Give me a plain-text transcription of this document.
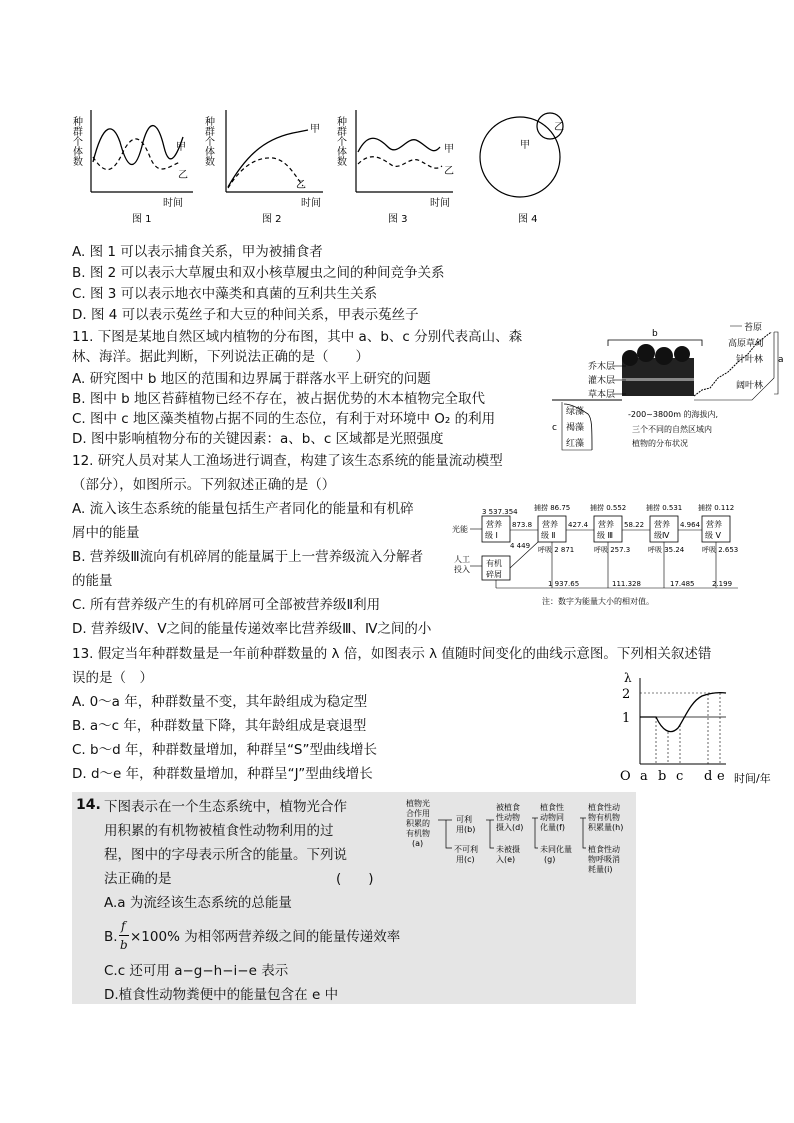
种群个体数	甲
乙
时间
图 1
种群个体数	甲
乙
时间
图 2
种群个体数	甲
乙
时间
图 3
甲
乙
图 4
A. 图 1 可以表示捕食关系，甲为被捕食者
B. 图 2 可以表示大草履虫和双小核草履虫之间的种间竞争关系
C. 图 3 可以表示地衣中藻类和真菌的互利共生关系
D. 图 4 可以表示菟丝子和大豆的种间关系，甲表示菟丝子
11. 下图是某地自然区域内植物的分布图，其中 a、b、c 分别代表高山、森
林、海洋。据此判断，下列说法正确的是（　　）
A. 研究图中 b 地区的范围和边界属于群落水平上研究的问题
B. 图中 b 地区苔藓植物已经不存在，被占据优势的木本植物完全取代
C. 图中 c 地区藻类植物占据不同的生态位，有利于对环境中 O₂ 的利用
D. 图中影响植物分布的关键因素：a、b、c 区域都是光照强度
b
乔木层
灌木层
草本层
苔原
高原草甸
针叶林
阔叶林
a
绿藻
褐藻
红藻
c
-200~3800m 的海拔内,
三个不同的自然区域内
植物的分布状况
12. 研究人员对某人工渔场进行调查，构建了该生态系统的能量流动模型
（部分），如图所示。下列叙述正确的是（）
A. 流入该生态系统的能量包括生产者同化的能量和有机碎
屑中的能量
B. 营养级Ⅲ流向有机碎屑的能量属于上一营养级流入分解者
的能量
C. 所有营养级产生的有机碎屑可全部被营养级Ⅱ利用
D. 营养级Ⅳ、Ⅴ之间的能量传递效率比营养级Ⅲ、Ⅳ之间的小
光能
3 537.354
营养
级 Ⅰ
873.8
4 449
捕捞 86.75
营养
级 Ⅱ
呼吸 2 871
427.4
捕捞 0.552
营养
级 Ⅲ
呼吸 257.3
58.22
捕捞 0.531
营养
级Ⅳ
呼吸 35.24
4.964
捕捞 0.112
营养
级 Ⅴ
呼吸 2.653
人工
投入
有机
碎屑
1 937.65	111.328	17.485	2.199
注：数字为能量大小的相对值。
13. 假定当年种群数量是一年前种群数量的 λ 倍，如图表示 λ 值随时间变化的曲线示意图。下列相关叙述错
误的是（　）
A. 0～a 年，种群数量不变，其年龄组成为稳定型
B. a～c 年，种群数量下降，其年龄组成是衰退型
C. b～d 年，种群数量增加，种群呈“S”型曲线增长
D. d～e 年，种群数量增加，种群呈“J”型曲线增长
λ
2
1
O a b c d e 时间/年
14. 下图表示在一个生态系统中，植物光合作
用积累的有机物被植食性动物利用的过
程，图中的字母表示所含的能量。下列说
法正确的是	(　　)
A.a 为流经该生态系统的总能量
B.
f
b ×100% 为相邻两营养级之间的能量传递效率
C.c 还可用 a−g−h−i−e 表示
D.植食性动物粪便中的能量包含在 e 中
植物光
合作用
积累的
有机物
(a)
可利
用(b)
不可利
用(c)
被植食
性动物
摄入(d)
未被摄
入(e)
植食性
动物同
化量(f)
未同化量
(g)
植食性动
物有机物
积累量(h)
植食性动
物呼吸消
耗量(i)
